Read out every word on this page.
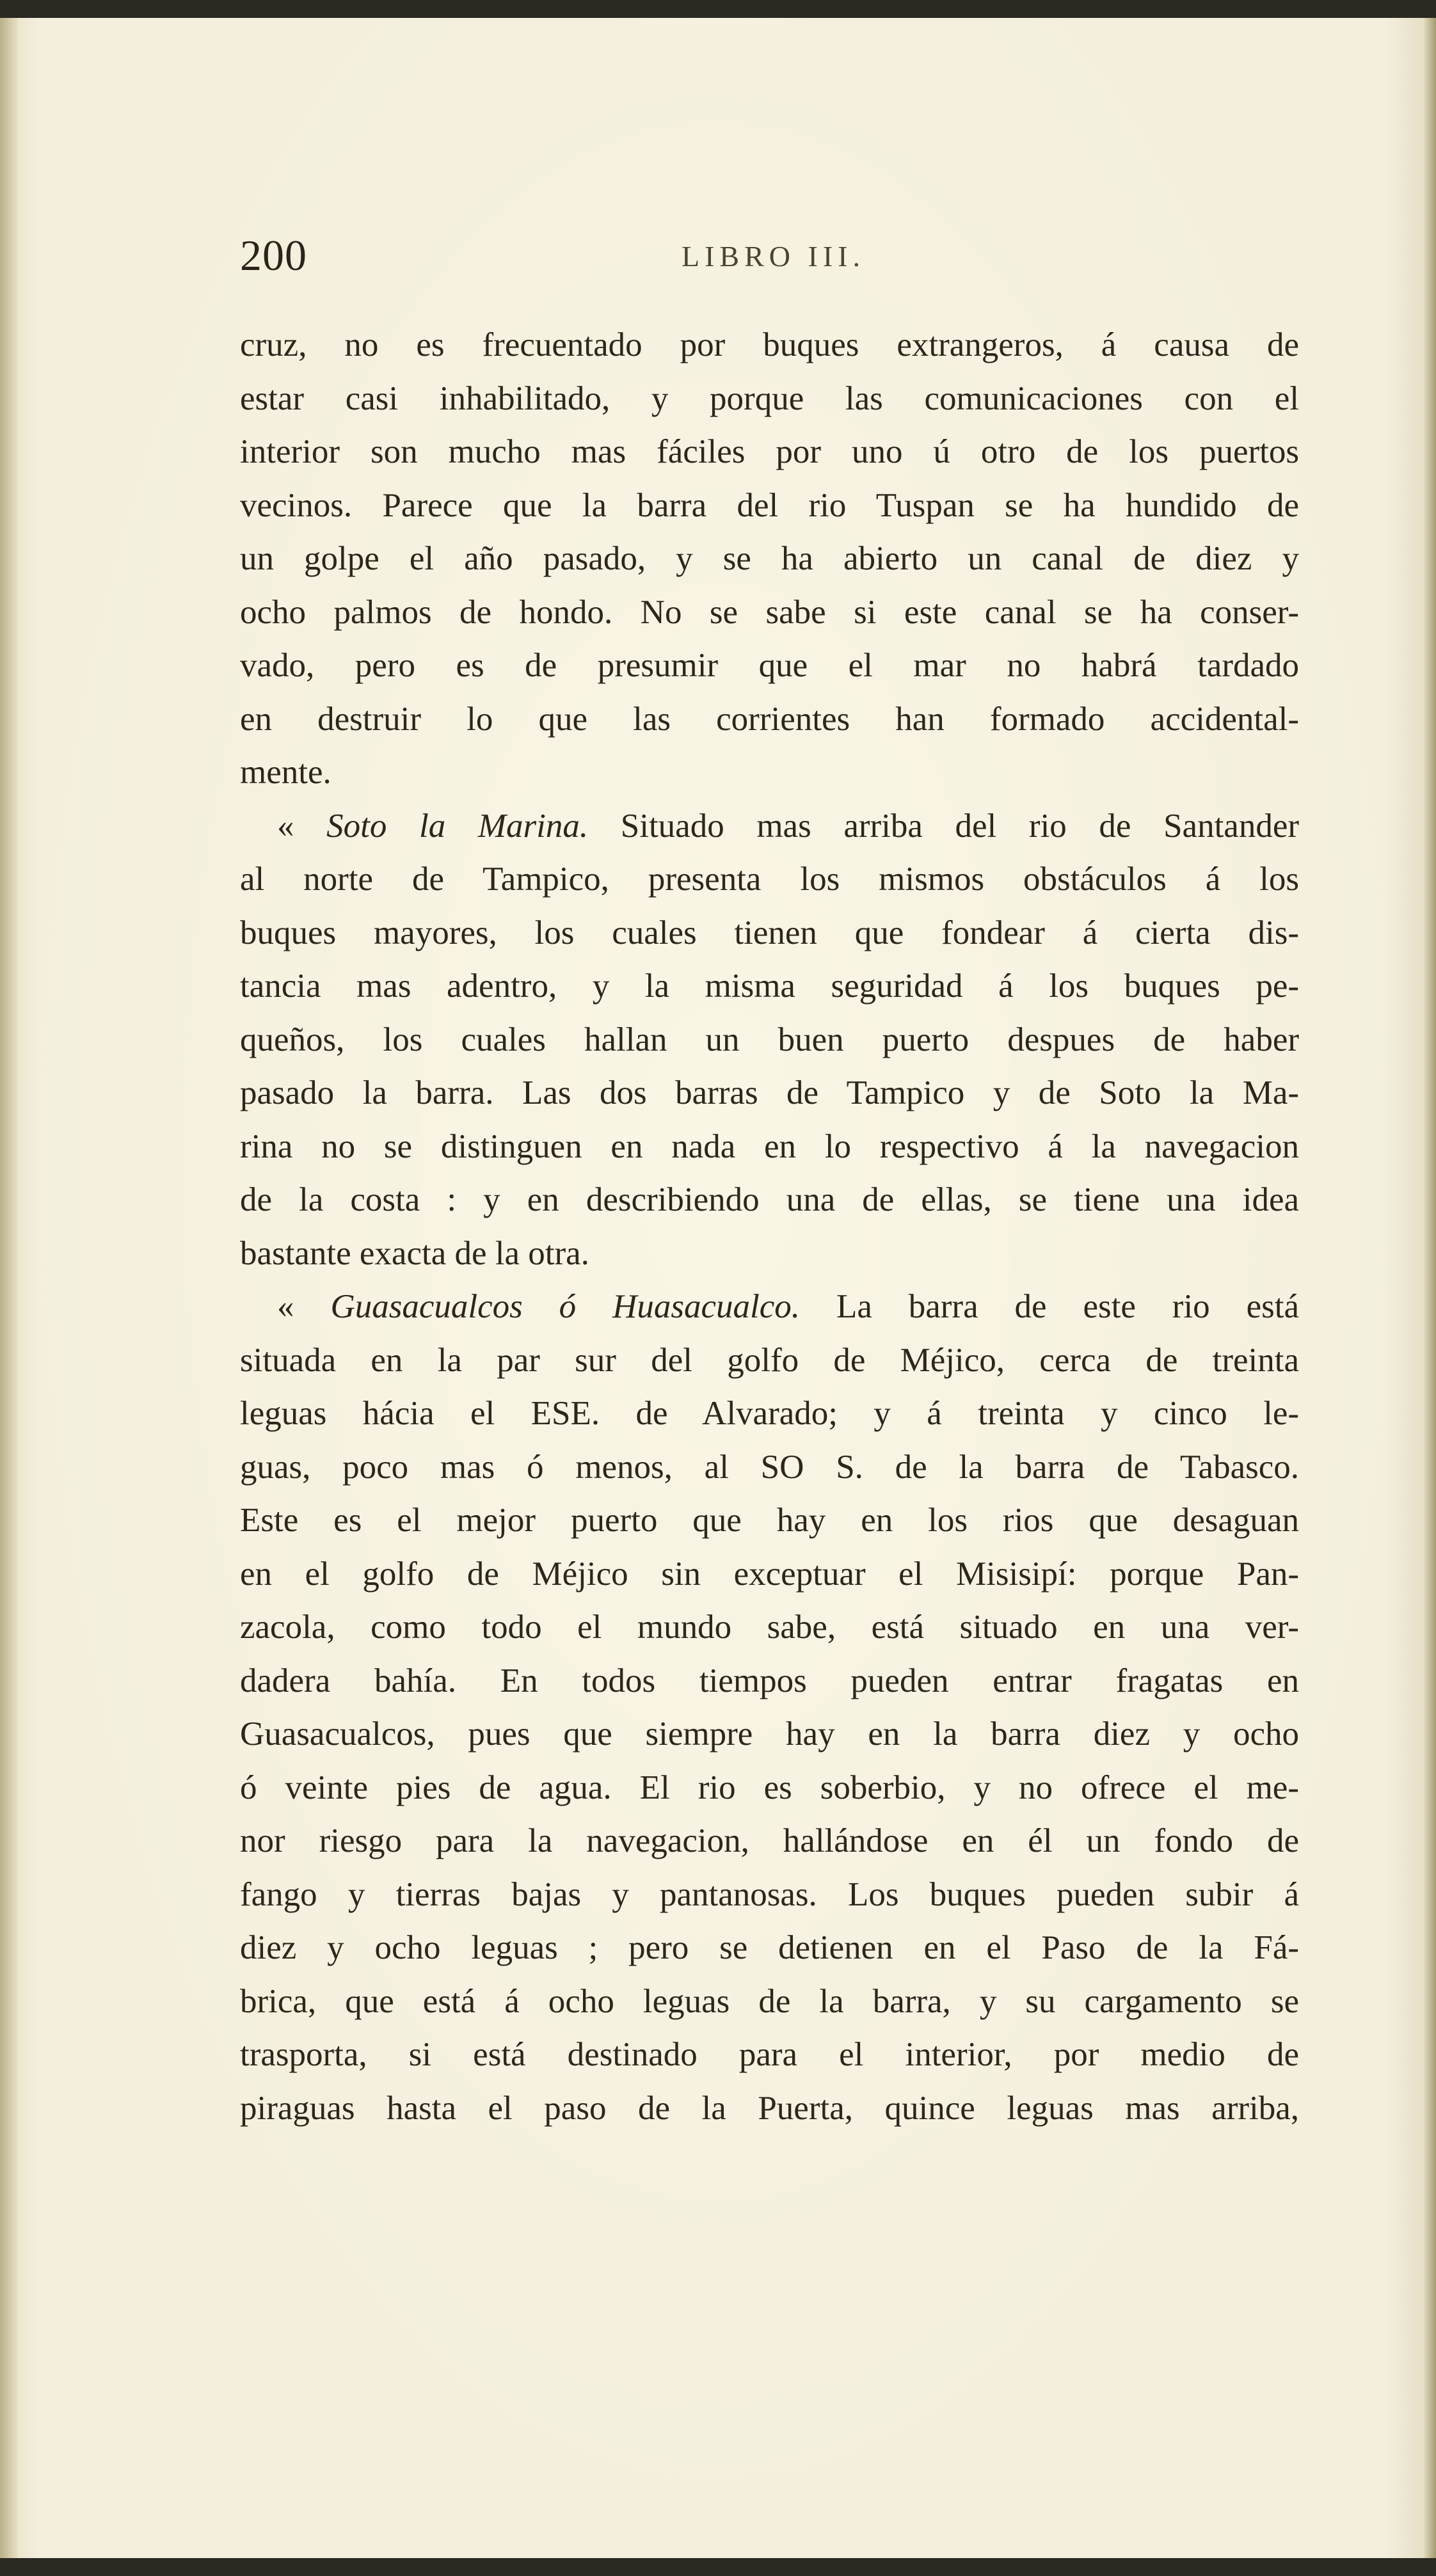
200	LIBRO III.
cruz, no es frecuentado por buques extrangeros, á causa de
estar casi inhabilitado, y porque las comunicaciones con el
interior son mucho mas fáciles por uno ú otro de los puertos
vecinos. Parece que la barra del rio Tuspan se ha hundido de
un golpe el año pasado, y se ha abierto un canal de diez y
ocho palmos de hondo. No se sabe si este canal se ha conser-
vado, pero es de presumir que el mar no habrá tardado
en destruir lo que las corrientes han formado accidental-
mente.
« Soto la Marina. Situado mas arriba del rio de Santander
al norte de Tampico, presenta los mismos obstáculos á los
buques mayores, los cuales tienen que fondear á cierta dis-
tancia mas adentro, y la misma seguridad á los buques pe-
queños, los cuales hallan un buen puerto despues de haber
pasado la barra. Las dos barras de Tampico y de Soto la Ma-
rina no se distinguen en nada en lo respectivo á la navegacion
de la costa : y en describiendo una de ellas, se tiene una idea
bastante exacta de la otra.
« Guasacualcos ó Huasacualco. La barra de este rio está
situada en la par sur del golfo de Méjico, cerca de treinta
leguas hácia el ESE. de Alvarado; y á treinta y cinco le-
guas, poco mas ó menos, al SO S. de la barra de Tabasco.
Este es el mejor puerto que hay en los rios que desaguan
en el golfo de Méjico sin exceptuar el Misisipí: porque Pan-
zacola, como todo el mundo sabe, está situado en una ver-
dadera bahía. En todos tiempos pueden entrar fragatas en
Guasacualcos, pues que siempre hay en la barra diez y ocho
ó veinte pies de agua. El rio es soberbio, y no ofrece el me-
nor riesgo para la navegacion, hallándose en él un fondo de
fango y tierras bajas y pantanosas. Los buques pueden subir á
diez y ocho leguas ; pero se detienen en el Paso de la Fá-
brica, que está á ocho leguas de la barra, y su cargamento se
trasporta, si está destinado para el interior, por medio de
piraguas hasta el paso de la Puerta, quince leguas mas arriba,
